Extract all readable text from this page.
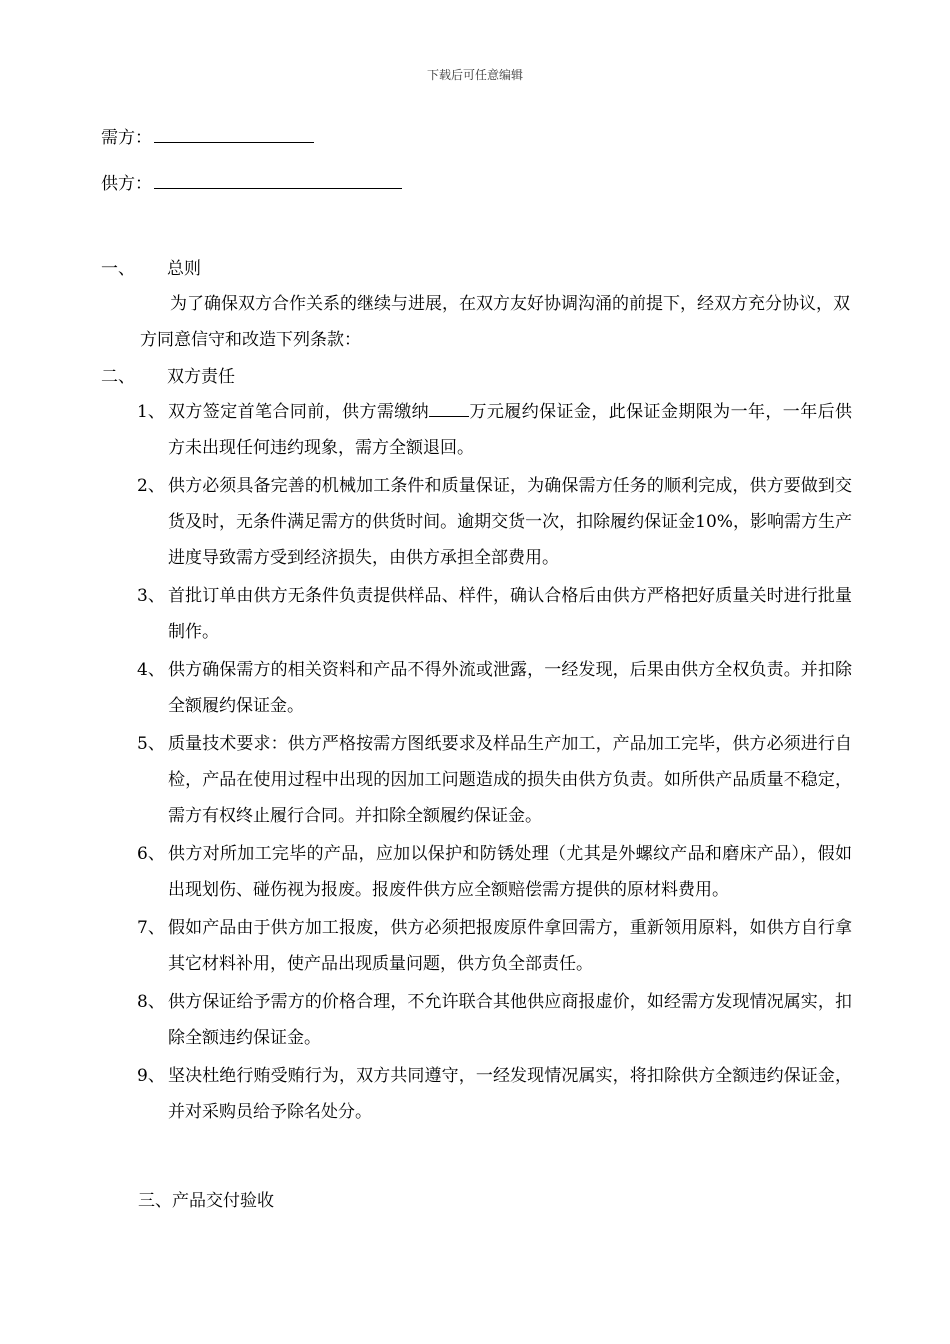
下载后可任意编辑
需方：
供方：
一、 总则
为了确保双方合作关系的继续与进展，在双方友好协调沟涌的前提下，经双方充分协议，双方同意信守和改造下列条款：
二、 双方责任
1、 双方签定首笔合同前，供方需缴纳 万元履约保证金，此保证金期限为一年，一年后供方未出现任何违约现象，需方全额退回。
2、 供方必须具备完善的机械加工条件和质量保证，为确保需方任务的顺利完成，供方要做到交货及时，无条件满足需方的供货时间。逾期交货一次，扣除履约保证金10%，影响需方生产进度导致需方受到经济损失，由供方承担全部费用。
3、 首批订单由供方无条件负责提供样品、样件，确认合格后由供方严格把好质量关时进行批量制作。
4、 供方确保需方的相关资料和产品不得外流或泄露，一经发现，后果由供方全权负责。并扣除全额履约保证金。
5、 质量技术要求：供方严格按需方图纸要求及样品生产加工，产品加工完毕，供方必须进行自检，产品在使用过程中出现的因加工问题造成的损失由供方负责。如所供产品质量不稳定，需方有权终止履行合同。并扣除全额履约保证金。
6、 供方对所加工完毕的产品，应加以保护和防锈处理（尤其是外螺纹产品和磨床产品），假如出现划伤、碰伤视为报废。报废件供方应全额赔偿需方提供的原材料费用。
7、 假如产品由于供方加工报废，供方必须把报废原件拿回需方，重新领用原料，如供方自行拿其它材料补用，使产品出现质量问题，供方负全部责任。
8、 供方保证给予需方的价格合理，不允许联合其他供应商报虚价，如经需方发现情况属实，扣除全额违约保证金。
9、 坚决杜绝行贿受贿行为，双方共同遵守，一经发现情况属实，将扣除供方全额违约保证金，并对采购员给予除名处分。
三、产品交付验收
